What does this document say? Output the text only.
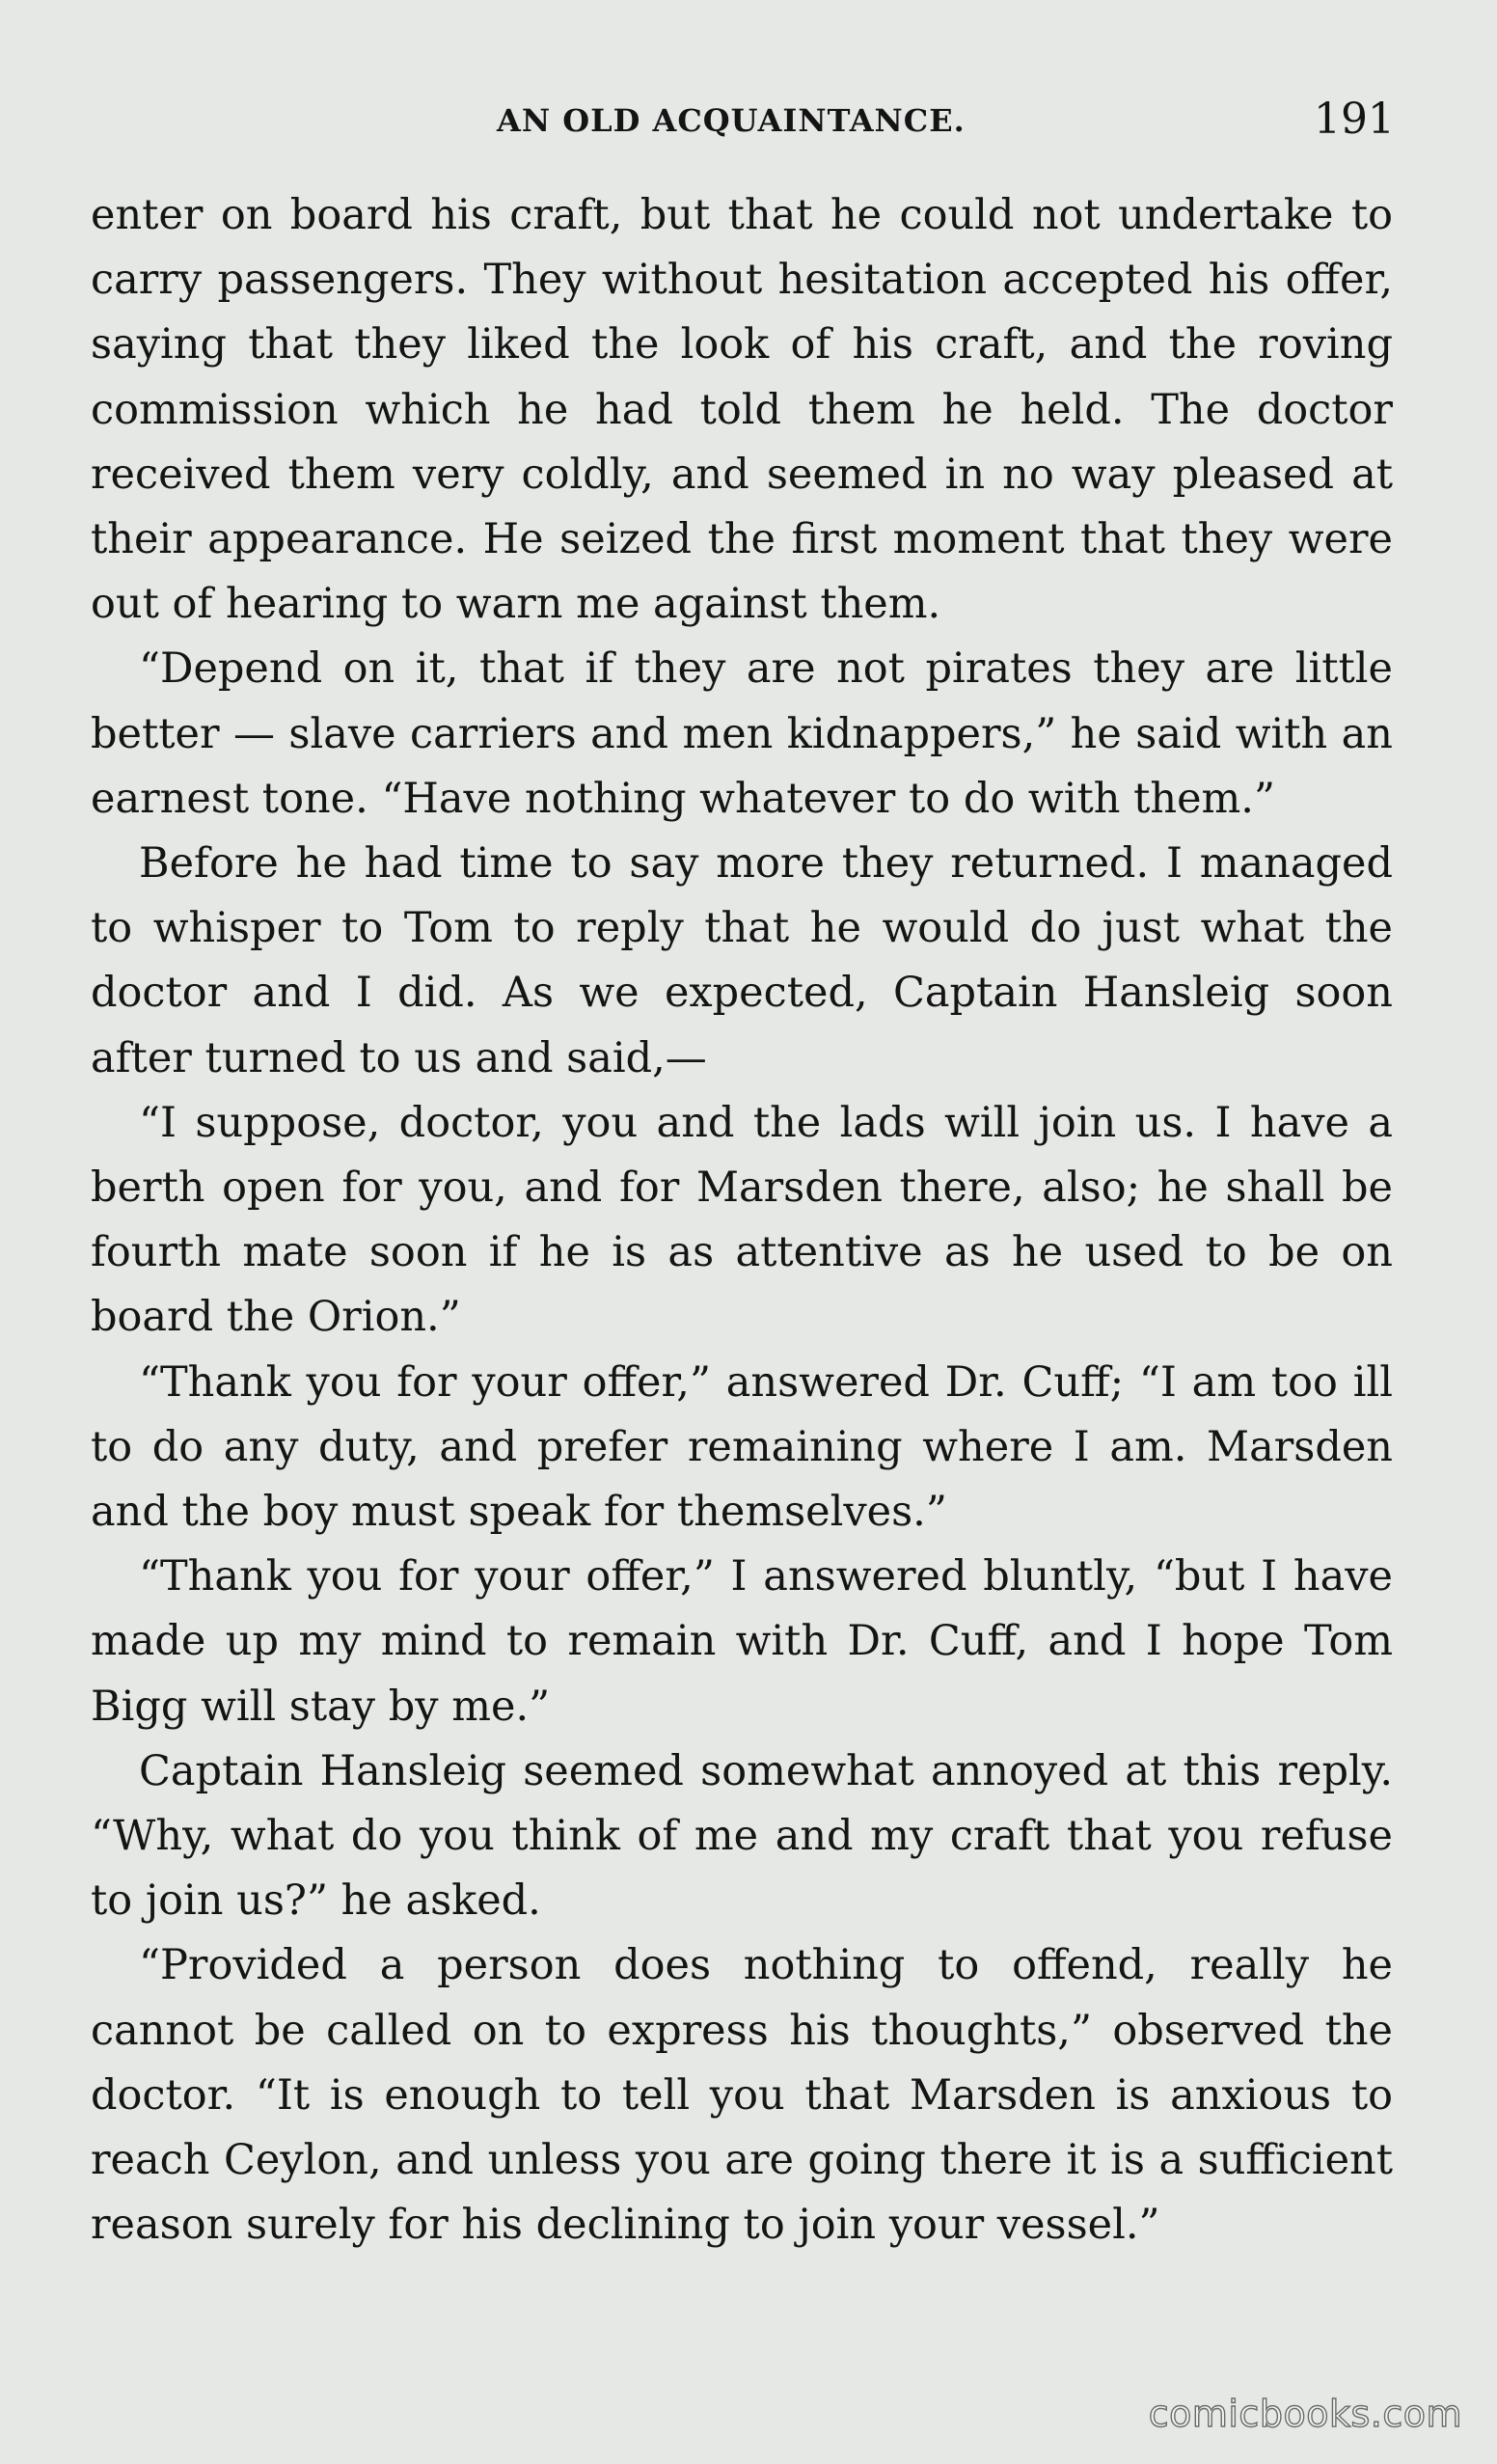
AN OLD ACQUAINTANCE.	191

enter on board his craft, but that he could not undertake to carry passengers. They without hesitation accepted his offer, saying that they liked the look of his craft, and the roving commission which he had told them he held. The doctor received them very coldly, and seemed in no way pleased at their appearance. He seized the first moment that they were out of hearing to warn me against them.

“Depend on it, that if they are not pirates they are little better — slave carriers and men kidnappers,” he said with an earnest tone. “Have nothing whatever to do with them.”

Before he had time to say more they returned. I managed to whisper to Tom to reply that he would do just what the doctor and I did. As we expected, Captain Hansleig soon after turned to us and said,—

“I suppose, doctor, you and the lads will join us. I have a berth open for you, and for Marsden there, also; he shall be fourth mate soon if he is as attentive as he used to be on board the Orion.”

“Thank you for your offer,” answered Dr. Cuff; “I am too ill to do any duty, and prefer remaining where I am. Marsden and the boy must speak for themselves.”

“Thank you for your offer,” I answered bluntly, “but I have made up my mind to remain with Dr. Cuff, and I hope Tom Bigg will stay by me.”

Captain Hansleig seemed somewhat annoyed at this reply. “Why, what do you think of me and my craft that you refuse to join us?” he asked.

“Provided a person does nothing to offend, really he cannot be called on to express his thoughts,” observed the doctor. “It is enough to tell you that Marsden is anxious to reach Ceylon, and unless you are going there it is a sufficient reason surely for his declining to join your vessel.”

comicbooks.com
